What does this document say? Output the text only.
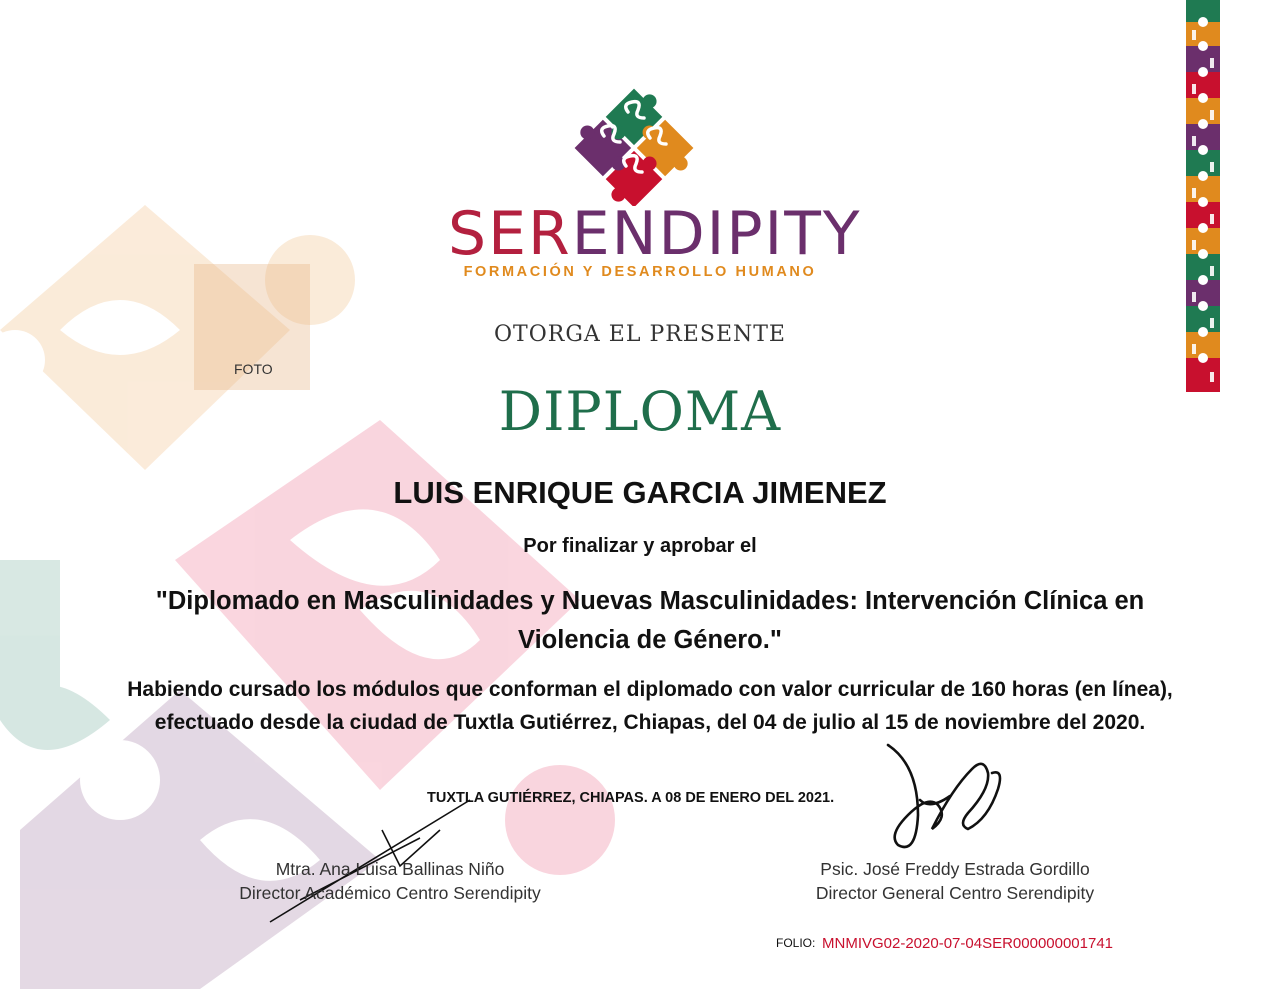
SERENDIPITY
FORMACIÓN Y DESARROLLO HUMANO
FOTO
OTORGA EL PRESENTE
DIPLOMA
LUIS ENRIQUE GARCIA JIMENEZ
Por finalizar y aprobar el
"Diplomado en Masculinidades y Nuevas Masculinidades: Intervención Clínica en Violencia de Género."
Habiendo cursado los módulos que conforman el diplomado con valor curricular de 160 horas (en línea), efectuado desde la ciudad de Tuxtla Gutiérrez, Chiapas, del 04 de julio al 15 de noviembre del 2020.
TUXTLA GUTIÉRREZ, CHIAPAS. A 08 DE ENERO DEL 2021.
Mtra. Ana Luisa Ballinas Niño
Director Académico Centro Serendipity
Psic. José Freddy Estrada Gordillo
Director General Centro Serendipity
FOLIO: MNMIVG02-2020-07-04SER000000001741
